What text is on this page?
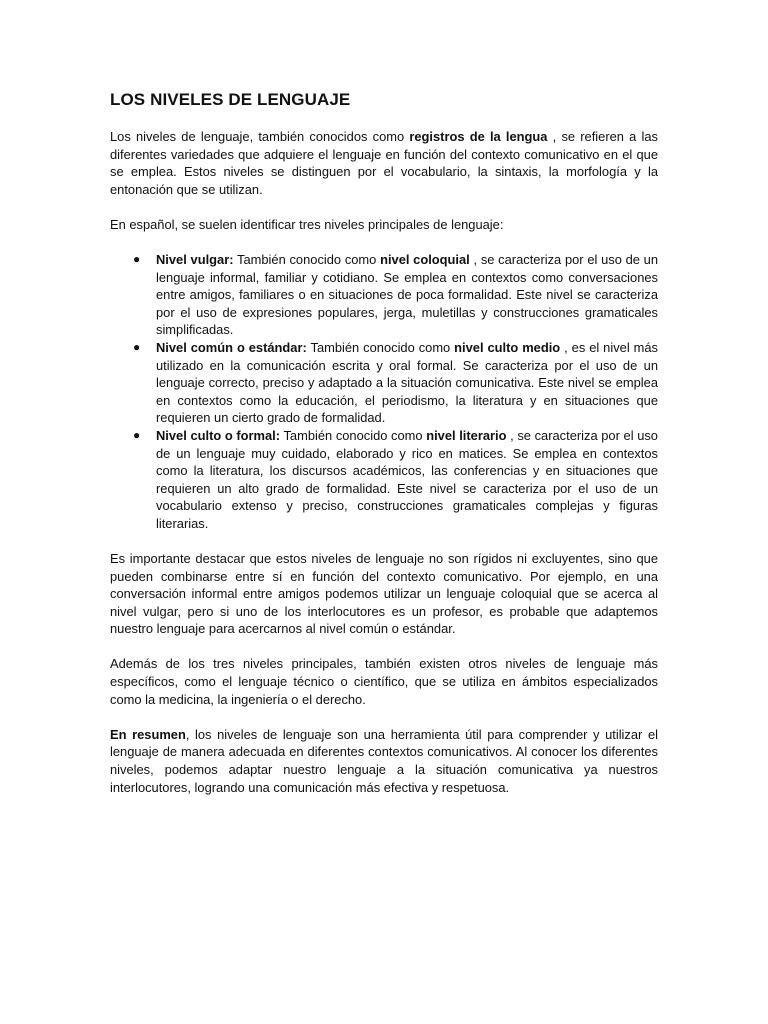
LOS NIVELES DE LENGUAJE

Los niveles de lenguaje, también conocidos como registros de la lengua , se refieren a las diferentes variedades que adquiere el lenguaje en función del contexto comunicativo en el que se emplea. Estos niveles se distinguen por el vocabulario, la sintaxis, la morfología y la entonación que se utilizan.

En español, se suelen identificar tres niveles principales de lenguaje:

● Nivel vulgar: También conocido como nivel coloquial , se caracteriza por el uso de un lenguaje informal, familiar y cotidiano. Se emplea en contextos como conversaciones entre amigos, familiares o en situaciones de poca formalidad. Este nivel se caracteriza por el uso de expresiones populares, jerga, muletillas y construcciones gramaticales simplificadas.
● Nivel común o estándar: También conocido como nivel culto medio , es el nivel más utilizado en la comunicación escrita y oral formal. Se caracteriza por el uso de un lenguaje correcto, preciso y adaptado a la situación comunicativa. Este nivel se emplea en contextos como la educación, el periodismo, la literatura y en situaciones que requieren un cierto grado de formalidad.
● Nivel culto o formal: También conocido como nivel literario , se caracteriza por el uso de un lenguaje muy cuidado, elaborado y rico en matices. Se emplea en contextos como la literatura, los discursos académicos, las conferencias y en situaciones que requieren un alto grado de formalidad. Este nivel se caracteriza por el uso de un vocabulario extenso y preciso, construcciones gramaticales complejas y figuras literarias.

Es importante destacar que estos niveles de lenguaje no son rígidos ni excluyentes, sino que pueden combinarse entre sí en función del contexto comunicativo. Por ejemplo, en una conversación informal entre amigos podemos utilizar un lenguaje coloquial que se acerca al nivel vulgar, pero si uno de los interlocutores es un profesor, es probable que adaptemos nuestro lenguaje para acercarnos al nivel común o estándar.

Además de los tres niveles principales, también existen otros niveles de lenguaje más específicos, como el lenguaje técnico o científico, que se utiliza en ámbitos especializados como la medicina, la ingeniería o el derecho.

En resumen, los niveles de lenguaje son una herramienta útil para comprender y utilizar el lenguaje de manera adecuada en diferentes contextos comunicativos. Al conocer los diferentes niveles, podemos adaptar nuestro lenguaje a la situación comunicativa ya nuestros interlocutores, logrando una comunicación más efectiva y respetuosa.
